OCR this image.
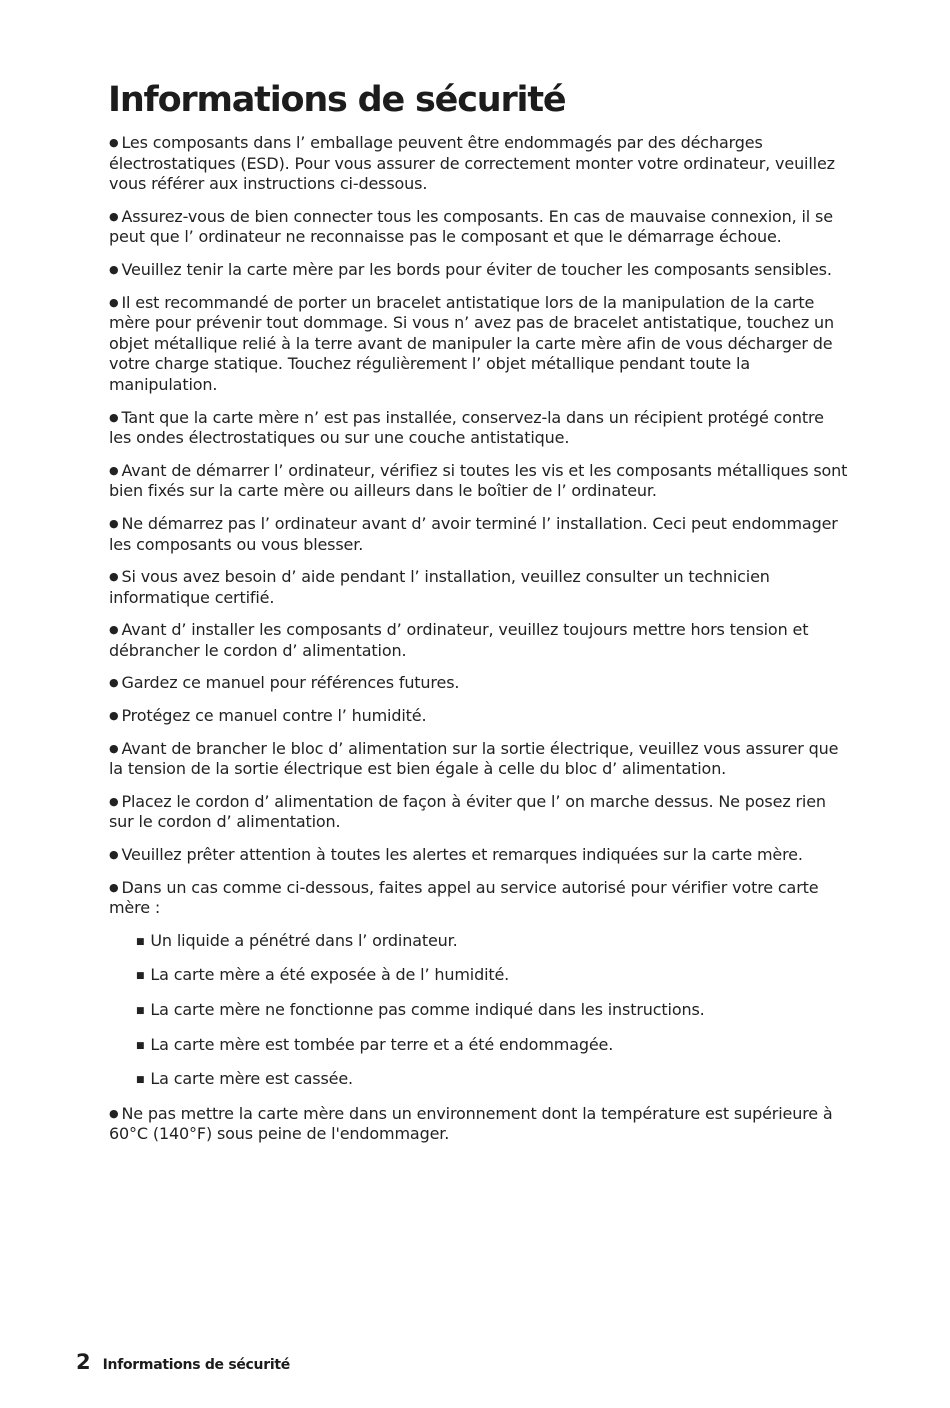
Informations de sécurité

● Les composants dans l’ emballage peuvent être endommagés par des décharges électrostatiques (ESD). Pour vous assurer de correctement monter votre ordinateur, veuillez vous référer aux instructions ci-dessous.

● Assurez-vous de bien connecter tous les composants. En cas de mauvaise connexion, il se peut que l’ ordinateur ne reconnaisse pas le composant et que le démarrage échoue.

● Veuillez tenir la carte mère par les bords pour éviter de toucher les composants sensibles.

● Il est recommandé de porter un bracelet antistatique lors de la manipulation de la carte mère pour prévenir tout dommage. Si vous n’ avez pas de bracelet antistatique, touchez un objet métallique relié à la terre avant de manipuler la carte mère afin de vous décharger de votre charge statique. Touchez régulièrement l’ objet métallique pendant toute la manipulation.

● Tant que la carte mère n’ est pas installée, conservez-la dans un récipient protégé contre les ondes électrostatiques ou sur une couche antistatique.

● Avant de démarrer l’ ordinateur, vérifiez si toutes les vis et les composants métalliques sont bien fixés sur la carte mère ou ailleurs dans le boîtier de l’ ordinateur.

● Ne démarrez pas l’ ordinateur avant d’ avoir terminé l’ installation. Ceci peut endommager les composants ou vous blesser.

● Si vous avez besoin d’ aide pendant l’ installation, veuillez consulter un technicien informatique certifié.

● Avant d’ installer les composants d’ ordinateur, veuillez toujours mettre hors tension et débrancher le cordon d’ alimentation.

● Gardez ce manuel pour références futures.

● Protégez ce manuel contre l’ humidité.

● Avant de brancher le bloc d’ alimentation sur la sortie électrique, veuillez vous assurer que la tension de la sortie électrique est bien égale à celle du bloc d’ alimentation.

● Placez le cordon d’ alimentation de façon à éviter que l’ on marche dessus. Ne posez rien sur le cordon d’ alimentation.

● Veuillez prêter attention à toutes les alertes et remarques indiquées sur la carte mère.

● Dans un cas comme ci-dessous, faites appel au service autorisé pour vérifier votre carte mère :

■ Un liquide a pénétré dans l’ ordinateur.

■ La carte mère a été exposée à de l’ humidité.

■ La carte mère ne fonctionne pas comme indiqué dans les instructions.

■ La carte mère est tombée par terre et a été endommagée.

■ La carte mère est cassée.

● Ne pas mettre la carte mère dans un environnement dont la température est supérieure à 60°C (140°F) sous peine de l'endommager.

2 Informations de sécurité
